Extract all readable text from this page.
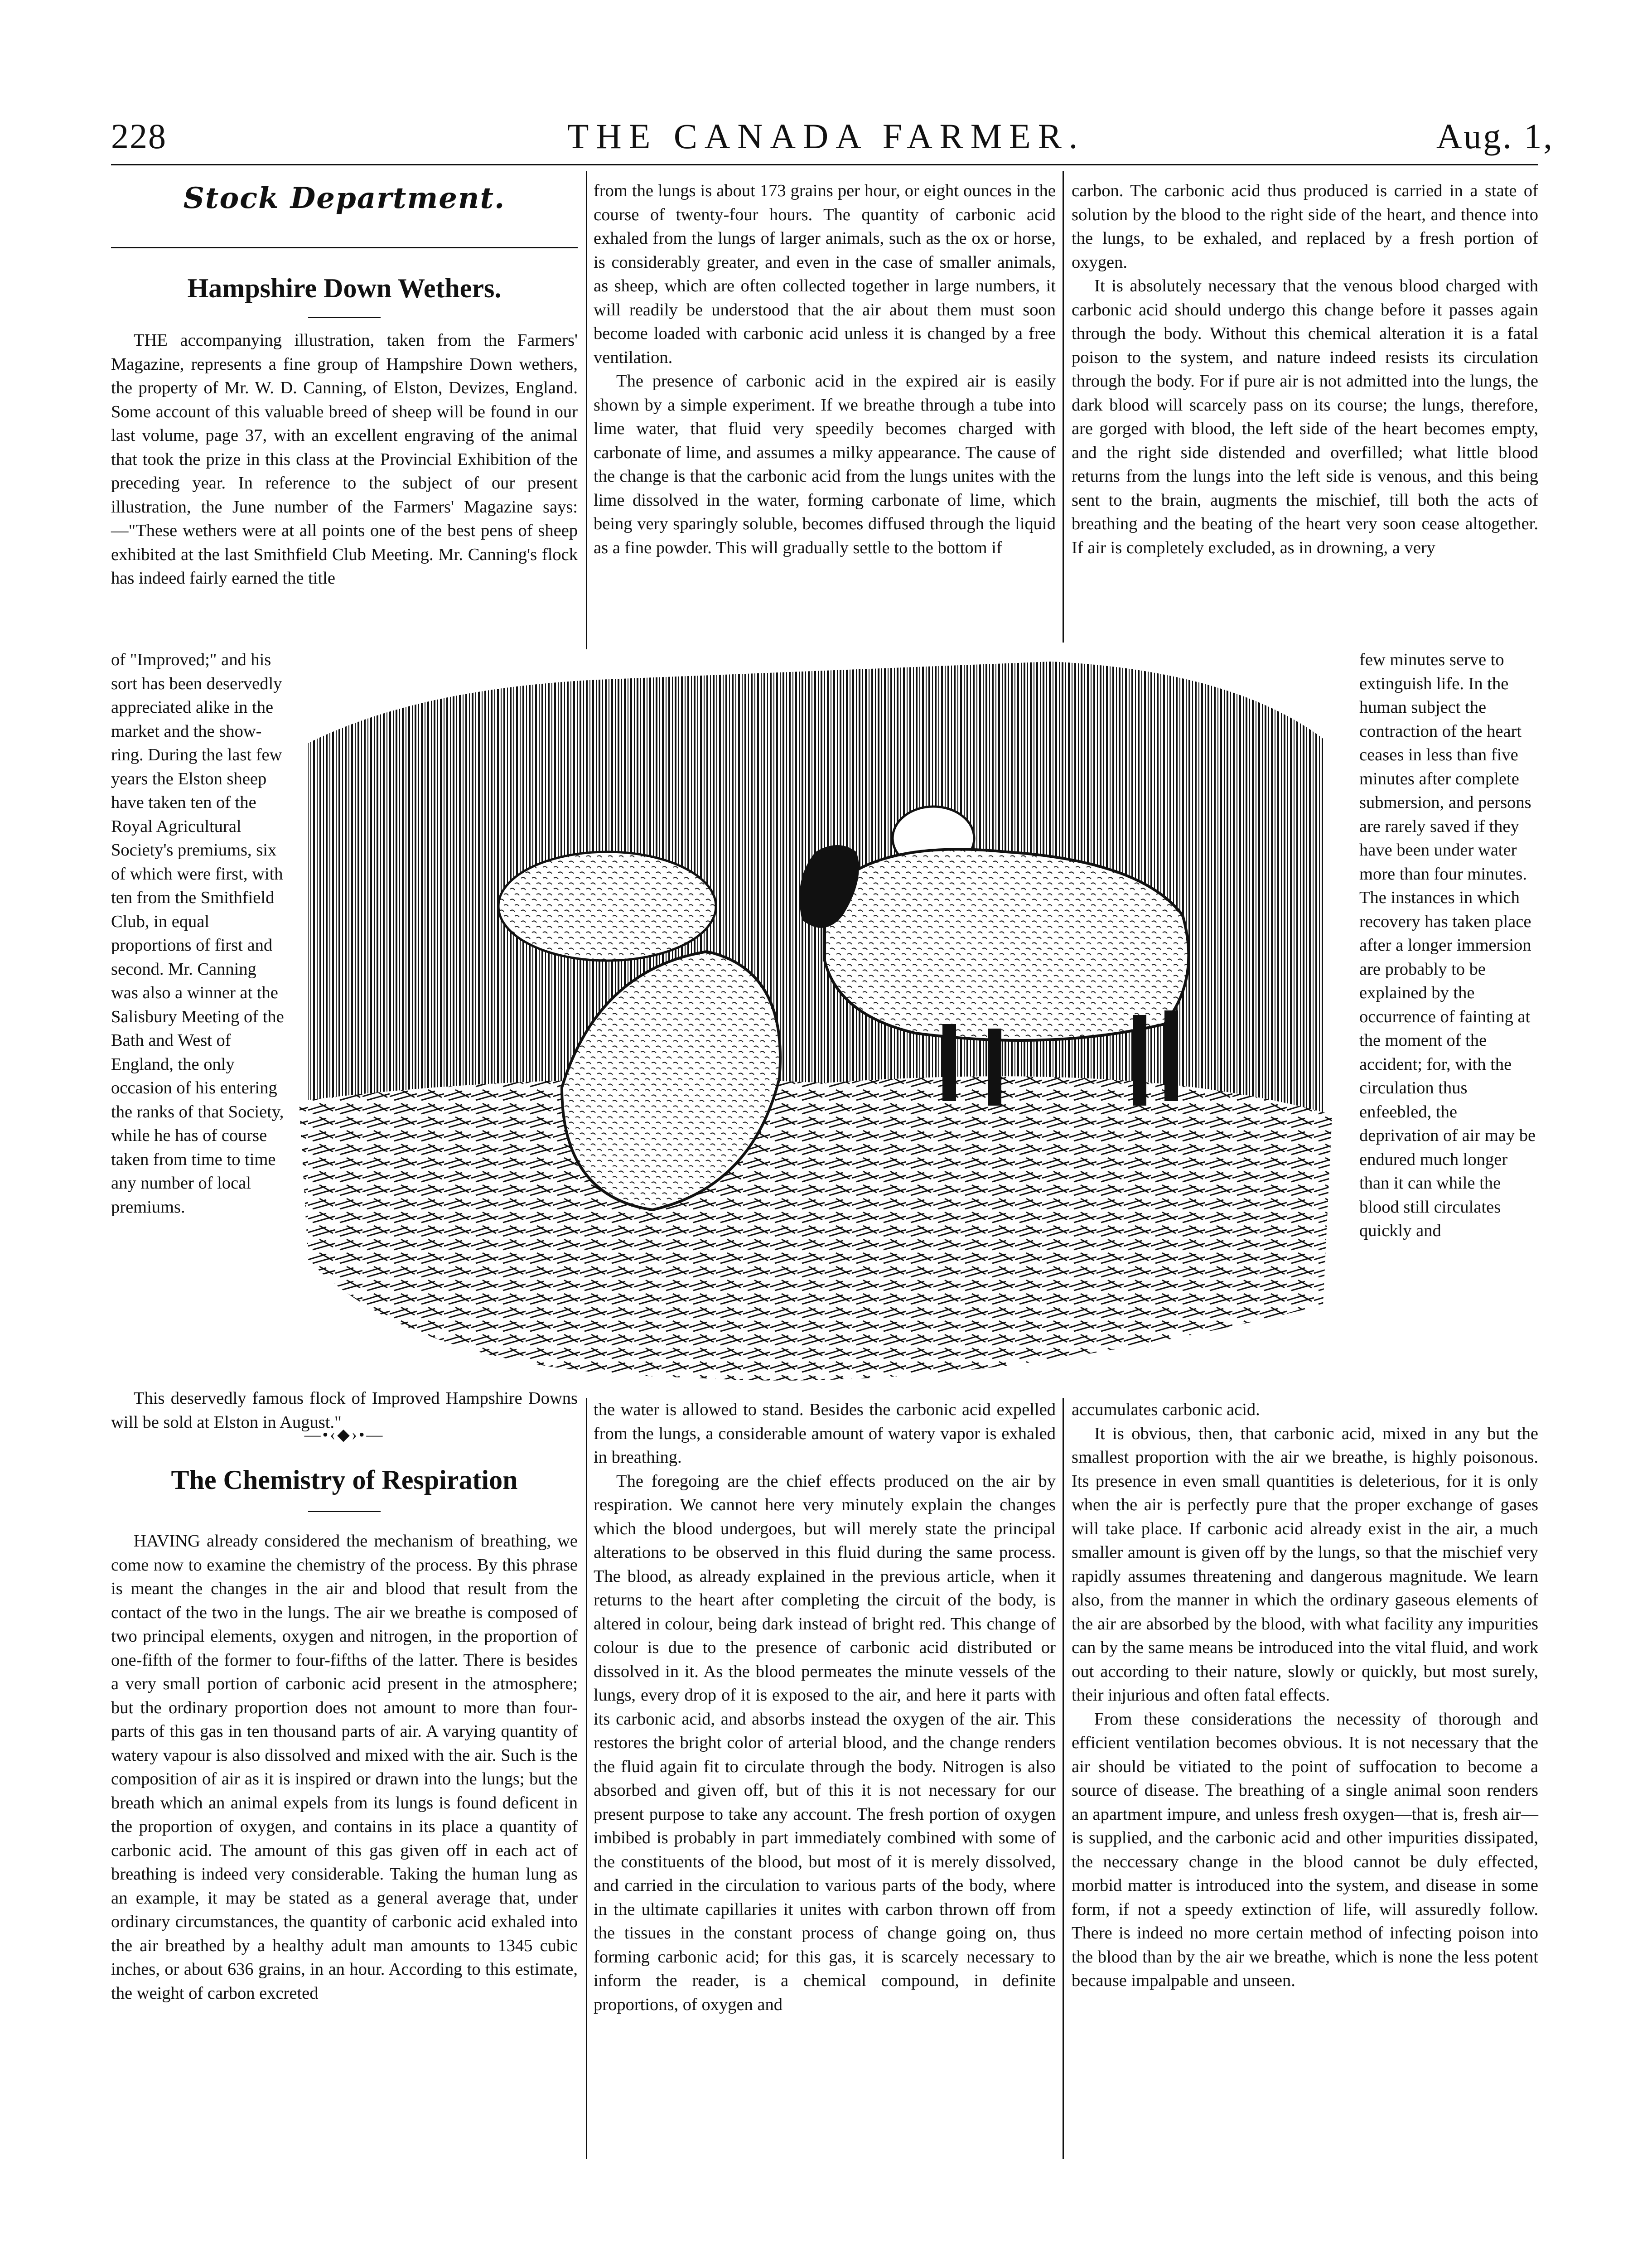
228	THE CANADA FARMER.	Aug. 1,
Stock Department.
Hampshire Down Wethers.

THE accompanying illustration, taken from the Farmers' Magazine, represents a fine group of Hampshire Down wethers, the property of Mr. W. D. Canning, of Elston, Devizes, England. Some account of this valuable breed of sheep will be found in our last volume, page 37, with an excellent engraving of the animal that took the prize in this class at the Provincial Exhibition of the preceding year. In reference to the subject of our present illustration, the June number of the Farmers' Magazine says:—"These wethers were at all points one of the best pens of sheep exhibited at the last Smithfield Club Meeting. Mr. Canning's flock has indeed fairly earned the title

of "Improved;" and his sort has been deservedly appreciated alike in the market and the show-ring. During the last few years the Elston sheep have taken ten of the Royal Agricultural Society's premiums, six of which were first, with ten from the Smithfield Club, in equal proportions of first and second. Mr. Canning was also a winner at the Salisbury Meeting of the Bath and West of England, the only occasion of his entering the ranks of that Society, while he has of course taken from time to time any number of local premiums.

This deservedly famous flock of Improved Hampshire Downs will be sold at Elston in August."

—•‹◆›•—
The Chemistry of Respiration

HAVING already considered the mechanism of breathing, we come now to examine the chemistry of the process. By this phrase is meant the changes in the air and blood that result from the contact of the two in the lungs. The air we breathe is composed of two principal elements, oxygen and nitrogen, in the proportion of one-fifth of the former to four-fifths of the latter. There is besides a very small portion of carbonic acid present in the atmosphere; but the ordinary proportion does not amount to more than four-parts of this gas in ten thousand parts of air. A varying quantity of watery vapour is also dissolved and mixed with the air. Such is the composition of air as it is inspired or drawn into the lungs; but the breath which an animal expels from its lungs is found deficent in the proportion of oxygen, and contains in its place a quantity of carbonic acid. The amount of this gas given off in each act of breathing is indeed very considerable. Taking the human lung as an example, it may be stated as a general average that, under ordinary circumstances, the quantity of carbonic acid exhaled into the air breathed by a healthy adult man amounts to 1345 cubic inches, or about 636 grains, in an hour. According to this estimate, the weight of carbon excreted

from the lungs is about 173 grains per hour, or eight ounces in the course of twenty-four hours. The quantity of carbonic acid exhaled from the lungs of larger animals, such as the ox or horse, is considerably greater, and even in the case of smaller animals, as sheep, which are often collected together in large numbers, it will readily be understood that the air about them must soon become loaded with carbonic acid unless it is changed by a free ventilation.

The presence of carbonic acid in the expired air is easily shown by a simple experiment. If we breathe through a tube into lime water, that fluid very speedily becomes charged with carbonate of lime, and assumes a milky appearance. The cause of the change is that the carbonic acid from the lungs unites with the lime dissolved in the water, forming carbonate of lime, which being very sparingly soluble, becomes diffused through the liquid as a fine powder. This will gradually settle to the bottom if

the water is allowed to stand. Besides the carbonic acid expelled from the lungs, a considerable amount of watery vapor is exhaled in breathing.

The foregoing are the chief effects produced on the air by respiration. We cannot here very minutely explain the changes which the blood undergoes, but will merely state the principal alterations to be observed in this fluid during the same process. The blood, as already explained in the previous article, when it returns to the heart after completing the circuit of the body, is altered in colour, being dark instead of bright red. This change of colour is due to the presence of carbonic acid distributed or dissolved in it. As the blood permeates the minute vessels of the lungs, every drop of it is exposed to the air, and here it parts with its carbonic acid, and absorbs instead the oxygen of the air. This restores the bright color of arterial blood, and the change renders the fluid again fit to circulate through the body. Nitrogen is also absorbed and given off, but of this it is not necessary for our present purpose to take any account. The fresh portion of oxygen imbibed is probably in part immediately combined with some of the constituents of the blood, but most of it is merely dissolved, and carried in the circulation to various parts of the body, where in the ultimate capillaries it unites with carbon thrown off from the tissues in the constant process of change going on, thus forming carbonic acid; for this gas, it is scarcely necessary to inform the reader, is a chemical compound, in definite proportions, of oxygen and

carbon. The carbonic acid thus produced is carried in a state of solution by the blood to the right side of the heart, and thence into the lungs, to be exhaled, and replaced by a fresh portion of oxygen.

It is absolutely necessary that the venous blood charged with carbonic acid should undergo this change before it passes again through the body. Without this chemical alteration it is a fatal poison to the system, and nature indeed resists its circulation through the body. For if pure air is not admitted into the lungs, the dark blood will scarcely pass on its course; the lungs, therefore, are gorged with blood, the left side of the heart becomes empty, and the right side distended and overfilled; what little blood returns from the lungs into the left side is venous, and this being sent to the brain, augments the mischief, till both the acts of breathing and the beating of the heart very soon cease altogether. If air is completely excluded, as in drowning, a very

few minutes serve to extinguish life. In the human subject the contraction of the heart ceases in less than five minutes after complete submersion, and persons are rarely saved if they have been under water more than four minutes. The instances in which recovery has taken place after a longer immersion are probably to be explained by the occurrence of fainting at the moment of the accident; for, with the circulation thus enfeebled, the deprivation of air may be endured much longer than it can while the blood still circulates quickly and

accumulates carbonic acid.

It is obvious, then, that carbonic acid, mixed in any but the smallest proportion with the air we breathe, is highly poisonous. Its presence in even small quantities is deleterious, for it is only when the air is perfectly pure that the proper exchange of gases will take place. If carbonic acid already exist in the air, a much smaller amount is given off by the lungs, so that the mischief very rapidly assumes threatening and dangerous magnitude. We learn also, from the manner in which the ordinary gaseous elements of the air are absorbed by the blood, with what facility any impurities can by the same means be introduced into the vital fluid, and work out according to their nature, slowly or quickly, but most surely, their injurious and often fatal effects.

From these considerations the necessity of thorough and efficient ventilation becomes obvious. It is not necessary that the air should be vitiated to the point of suffocation to become a source of disease. The breathing of a single animal soon renders an apartment impure, and unless fresh oxygen—that is, fresh air—is supplied, and the carbonic acid and other impurities dissipated, the neccessary change in the blood cannot be duly effected, morbid matter is introduced into the system, and disease in some form, if not a speedy extinction of life, will assuredly follow. There is indeed no more certain method of infecting poison into the blood than by the air we breathe, which is none the less potent because impalpable and unseen.
